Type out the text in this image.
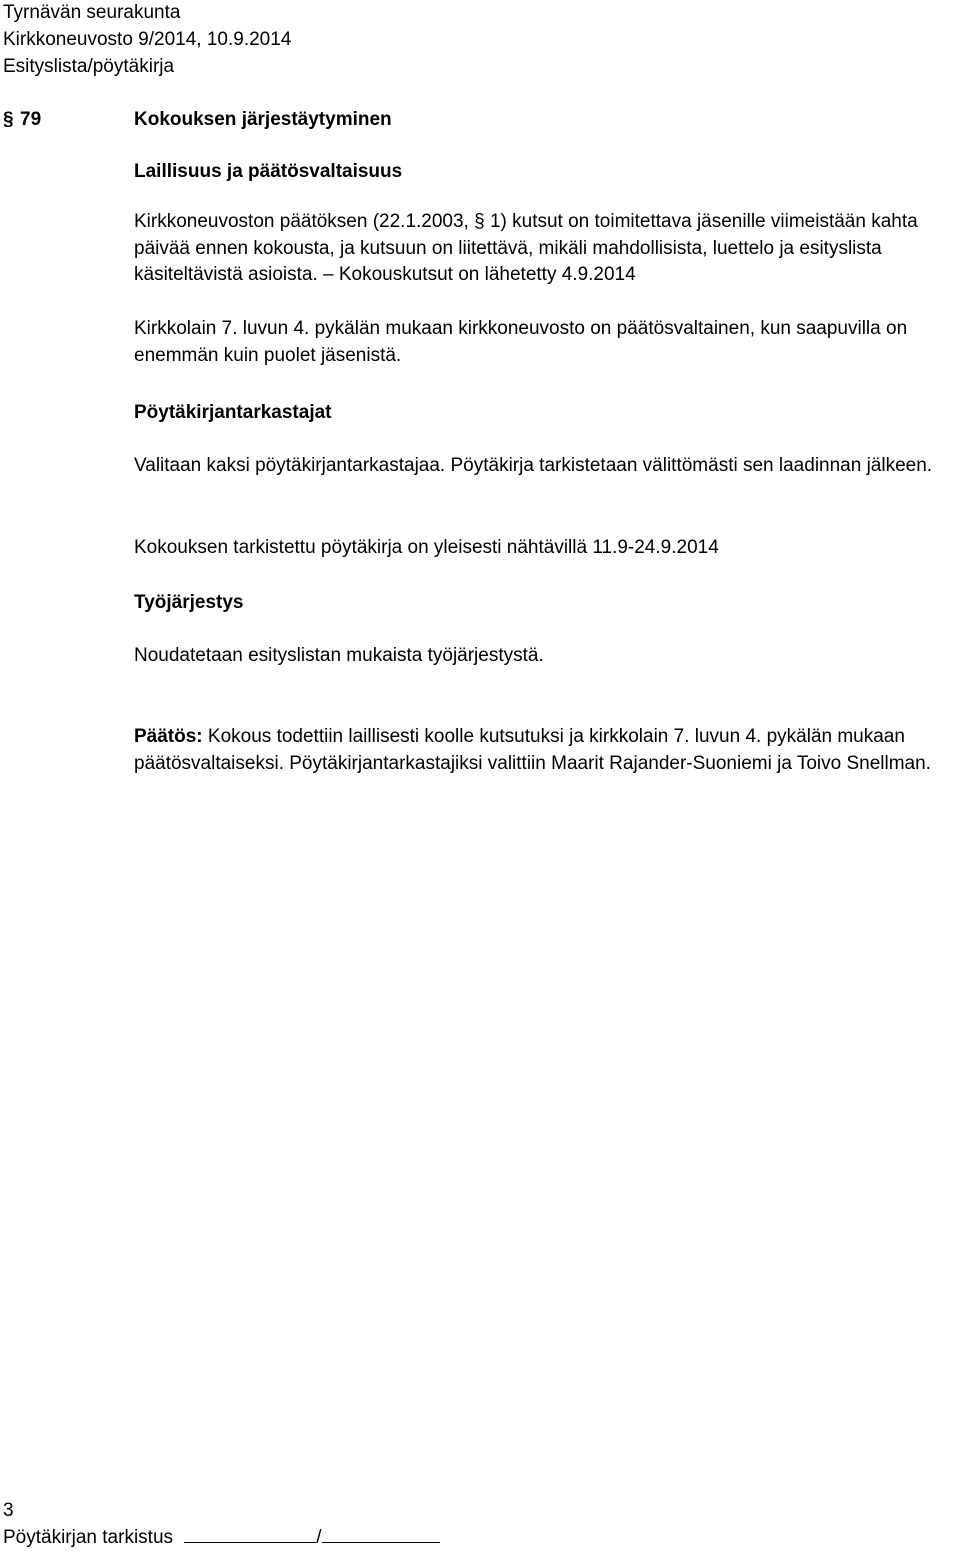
Tyrnävän seurakunta
Kirkkoneuvosto 9/2014, 10.9.2014
Esityslista/pöytäkirja
§ 79	Kokouksen järjestäytyminen
Laillisuus ja päätösvaltaisuus
Kirkkoneuvoston päätöksen (22.1.2003, § 1) kutsut on toimitettava jäsenille viimeistään kahta päivää ennen kokousta, ja kutsuun on liitettävä, mikäli mahdollisista, luettelo ja esityslista käsiteltävistä asioista. – Kokouskutsut on lähetetty 4.9.2014
Kirkkolain 7. luvun 4. pykälän mukaan kirkkoneuvosto on päätösvaltainen, kun saapuvilla on enemmän kuin puolet jäsenistä.
Pöytäkirjantarkastajat
Valitaan kaksi pöytäkirjantarkastajaa. Pöytäkirja tarkistetaan välittömästi sen laadinnan jälkeen.
Kokouksen tarkistettu pöytäkirja on yleisesti nähtävillä 11.9-24.9.2014
Työjärjestys
Noudatetaan esityslistan mukaista työjärjestystä.
Päätös: Kokous todettiin laillisesti koolle kutsutuksi ja kirkkolain 7. luvun 4. pykälän mukaan päätösvaltaiseksi. Pöytäkirjantarkastajiksi valittiin Maarit Rajander-Suoniemi ja Toivo Snellman.
3
Pöytäkirjan tarkistus	/
